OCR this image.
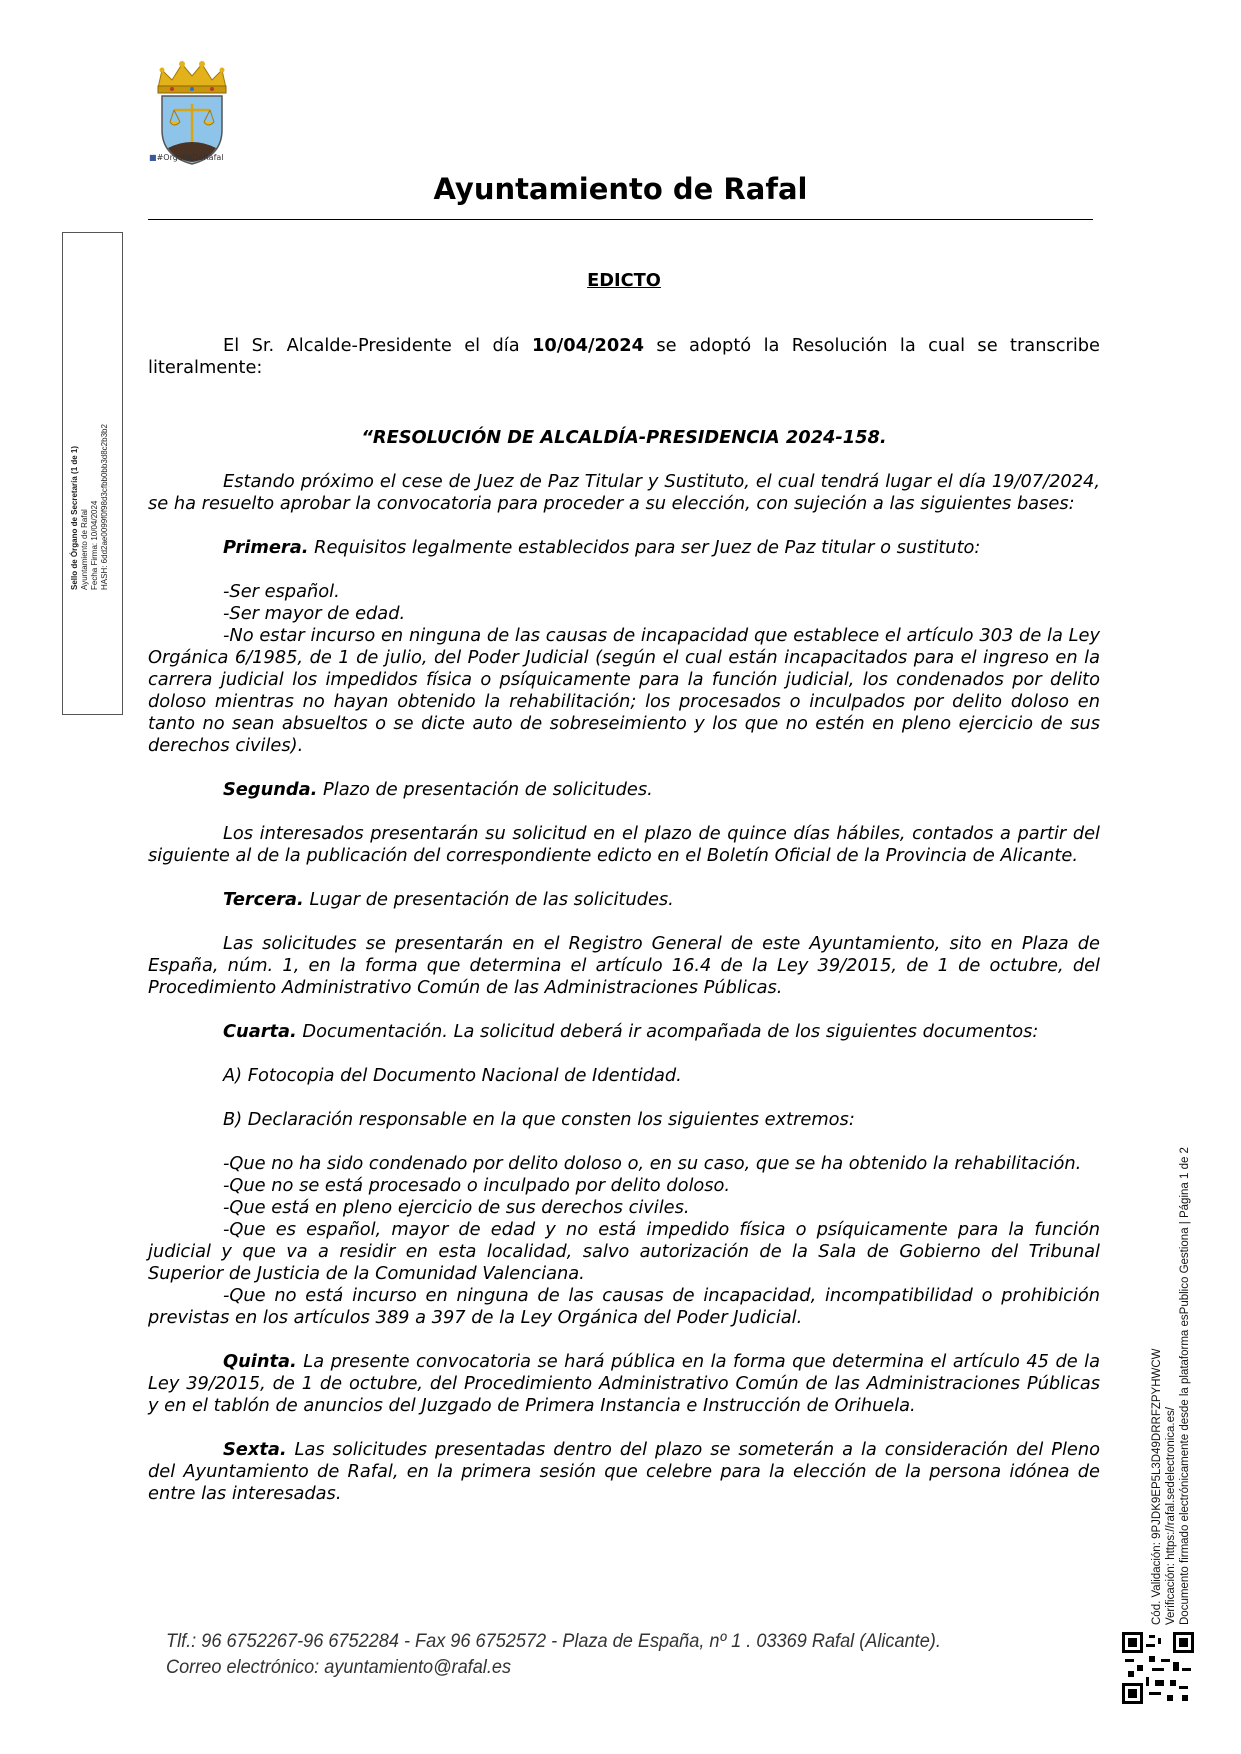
■#OrgulloDeRafal
Ayuntamiento de Rafal
Sello de Órgano de Secretaría (1 de 1) Ayuntamiento de Rafal Fecha Firma: 10/04/2024 HASH: 6dd2ae0099f0f98d3cfbb0bb3d8c2b3b2
Cód. Validación: 9PJDK9EP5L3D49DRRFZPYHWCW Verificación: https://rafal.sedelectronica.es/ Documento firmado electrónicamente desde la plataforma esPublico Gestiona | Página 1 de 2

EDICTO

El Sr. Alcalde-Presidente el día 10/04/2024 se adoptó la Resolución la cual se transcribe literalmente:

“RESOLUCIÓN DE ALCALDÍA-PRESIDENCIA 2024-158.

Estando próximo el cese de Juez de Paz Titular y Sustituto, el cual tendrá lugar el día 19/07/2024, se ha resuelto aprobar la convocatoria para proceder a su elección, con sujeción a las siguientes bases:

Primera. Requisitos legalmente establecidos para ser Juez de Paz titular o sustituto:

-Ser español.

-Ser mayor de edad.

-No estar incurso en ninguna de las causas de incapacidad que establece el artículo 303 de la Ley Orgánica 6/1985, de 1 de julio, del Poder Judicial (según el cual están incapacitados para el ingreso en la carrera judicial los impedidos física o psíquicamente para la función judicial, los condenados por delito doloso mientras no hayan obtenido la rehabilitación; los procesados o inculpados por delito doloso en tanto no sean absueltos o se dicte auto de sobreseimiento y los que no estén en pleno ejercicio de sus derechos civiles).

Segunda. Plazo de presentación de solicitudes.

Los interesados presentarán su solicitud en el plazo de quince días hábiles, contados a partir del siguiente al de la publicación del correspondiente edicto en el Boletín Oficial de la Provincia de Alicante.

Tercera. Lugar de presentación de las solicitudes.

Las solicitudes se presentarán en el Registro General de este Ayuntamiento, sito en Plaza de España, núm. 1, en la forma que determina el artículo 16.4 de la Ley 39/2015, de 1 de octubre, del Procedimiento Administrativo Común de las Administraciones Públicas.

Cuarta. Documentación. La solicitud deberá ir acompañada de los siguientes documentos:

A) Fotocopia del Documento Nacional de Identidad.

B) Declaración responsable en la que consten los siguientes extremos:

-Que no ha sido condenado por delito doloso o, en su caso, que se ha obtenido la rehabilitación.

-Que no se está procesado o inculpado por delito doloso.

-Que está en pleno ejercicio de sus derechos civiles.

-Que es español, mayor de edad y no está impedido física o psíquicamente para la función judicial y que va a residir en esta localidad, salvo autorización de la Sala de Gobierno del Tribunal Superior de Justicia de la Comunidad Valenciana.

-Que no está incurso en ninguna de las causas de incapacidad, incompatibilidad o prohibición previstas en los artículos 389 a 397 de la Ley Orgánica del Poder Judicial.

Quinta. La presente convocatoria se hará pública en la forma que determina el artículo 45 de la Ley 39/2015, de 1 de octubre, del Procedimiento Administrativo Común de las Administraciones Públicas y en el tablón de anuncios del Juzgado de Primera Instancia e Instrucción de Orihuela.

Sexta. Las solicitudes presentadas dentro del plazo se someterán a la consideración del Pleno del Ayuntamiento de Rafal, en la primera sesión que celebre para la elección de la persona idónea de entre las interesadas.

Tlf.: 96 6752267-96 6752284 - Fax 96 6752572 - Plaza de España, nº 1 . 03369 Rafal (Alicante).
Correo electrónico: ayuntamiento@rafal.es
